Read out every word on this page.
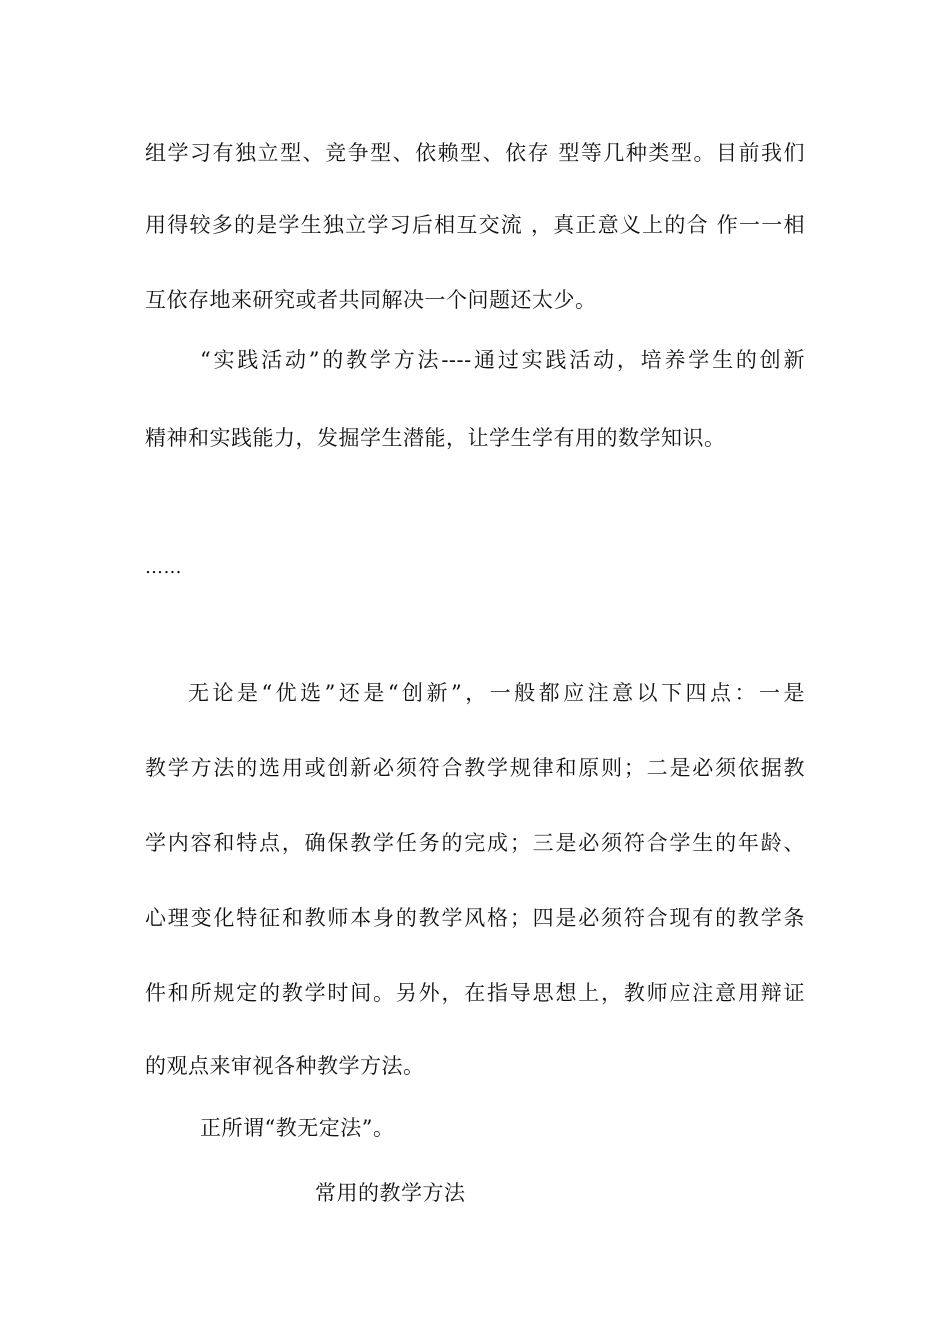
组学习有独立型、竞争型、依赖型、依存 型等几种类型。目前我们
用得较多的是学生独立学习后相互交流 ，真正意义上的合 作一一相
互依存地来研究或者共同解决一个问题还太少。
“实践活动”的教学方法----通过实践活动，培养学生的创新
精神和实践能力，发掘学生潜能，让学生学有用的数学知识。
……
无论是“优选”还是“创新”，一般都应注意以下四点：一是
教学方法的选用或创新必须符合教学规律和原则；二是必须依据教
学内容和特点，确保教学任务的完成；三是必须符合学生的年龄、
心理变化特征和教师本身的教学风格；四是必须符合现有的教学条
件和所规定的教学时间。另外，在指导思想上，教师应注意用辩证
的观点来审视各种教学方法。
正所谓“教无定法”。
常用的教学方法
